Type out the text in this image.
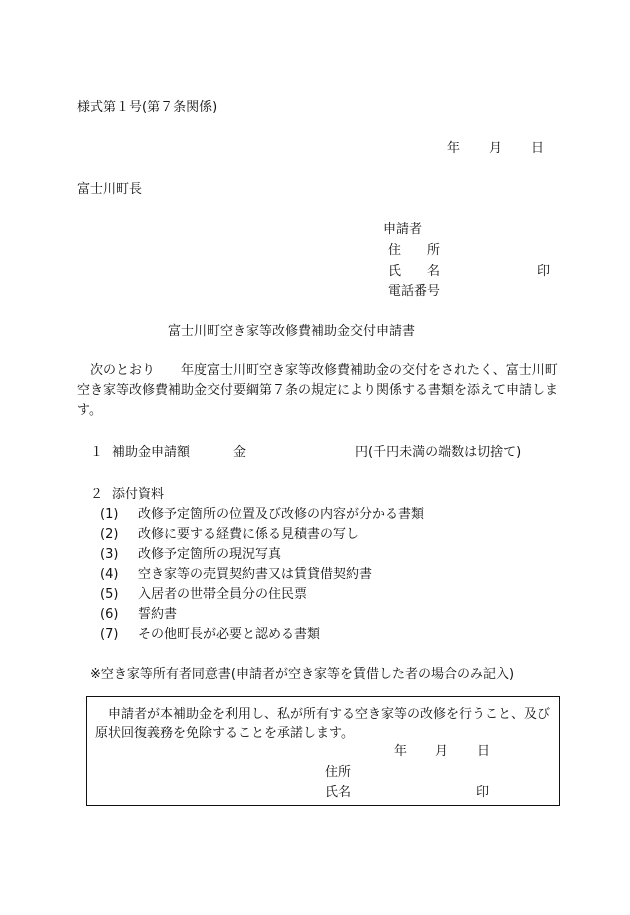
様式第１号(第７条関係)
年 月 日
富士川町長
申請者
住　　所
氏　　名	印
電話番号
富士川町空き家等改修費補助金交付申請書
次のとおり　　年度富士川町空き家等改修費補助金の交付をされたく、富士川町空き家等改修費補助金交付要綱第７条の規定により関係する書類を添えて申請します。
１ 補助金申請額	金	円(千円未満の端数は切捨て)
２ 添付資料
(1) 改修予定箇所の位置及び改修の内容が分かる書類
(2) 改修に要する経費に係る見積書の写し
(3) 改修予定箇所の現況写真
(4) 空き家等の売買契約書又は賃貸借契約書
(5) 入居者の世帯全員分の住民票
(6) 誓約書
(7) その他町長が必要と認める書類
※空き家等所有者同意書(申請者が空き家等を賃借した者の場合のみ記入)
申請者が本補助金を利用し、私が所有する空き家等の改修を行うこと、及び原状回復義務を免除することを承諾します。
年 月 日
住所
氏名	印
